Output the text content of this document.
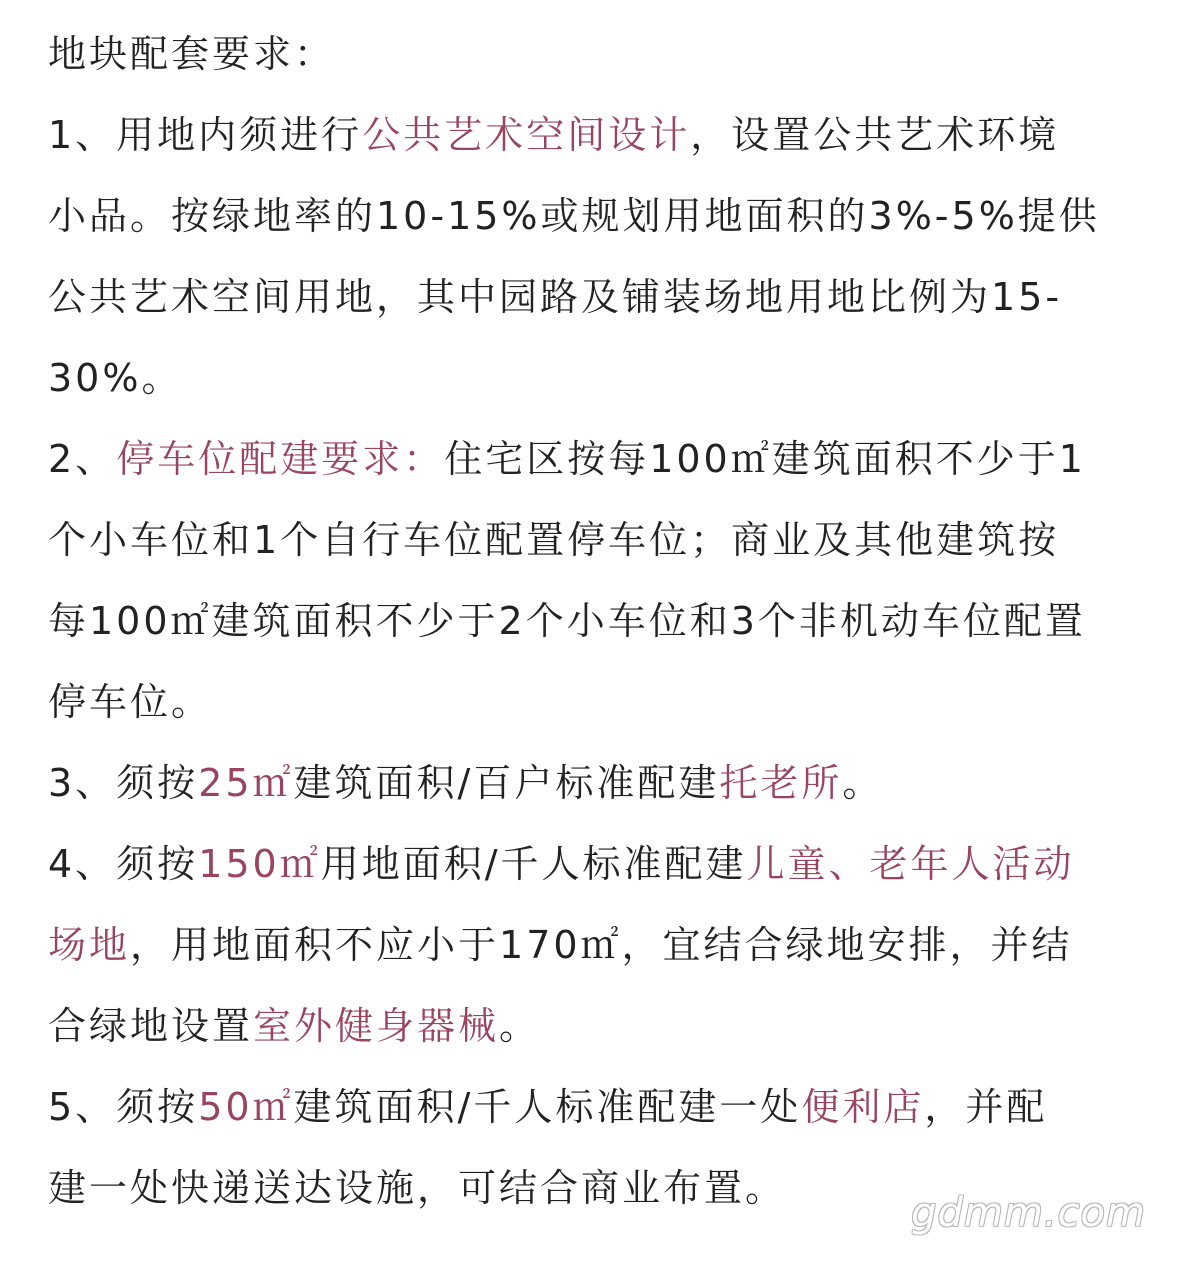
地块配套要求：
1、用地内须进行公共艺术空间设计，设置公共艺术环境
小品。按绿地率的10-15%或规划用地面积的3%-5%提供
公共艺术空间用地，其中园路及铺装场地用地比例为15-
30%。
2、停车位配建要求：住宅区按每100㎡建筑面积不少于1
个小车位和1个自行车位配置停车位；商业及其他建筑按
每100㎡建筑面积不少于2个小车位和3个非机动车位配置
停车位。
3、须按25㎡建筑面积/百户标准配建托老所。
4、须按150㎡用地面积/千人标准配建儿童、老年人活动
场地，用地面积不应小于170㎡，宜结合绿地安排，并结
合绿地设置室外健身器械。
5、须按50㎡建筑面积/千人标准配建一处便利店，并配
建一处快递送达设施，可结合商业布置。
gdmm.com
